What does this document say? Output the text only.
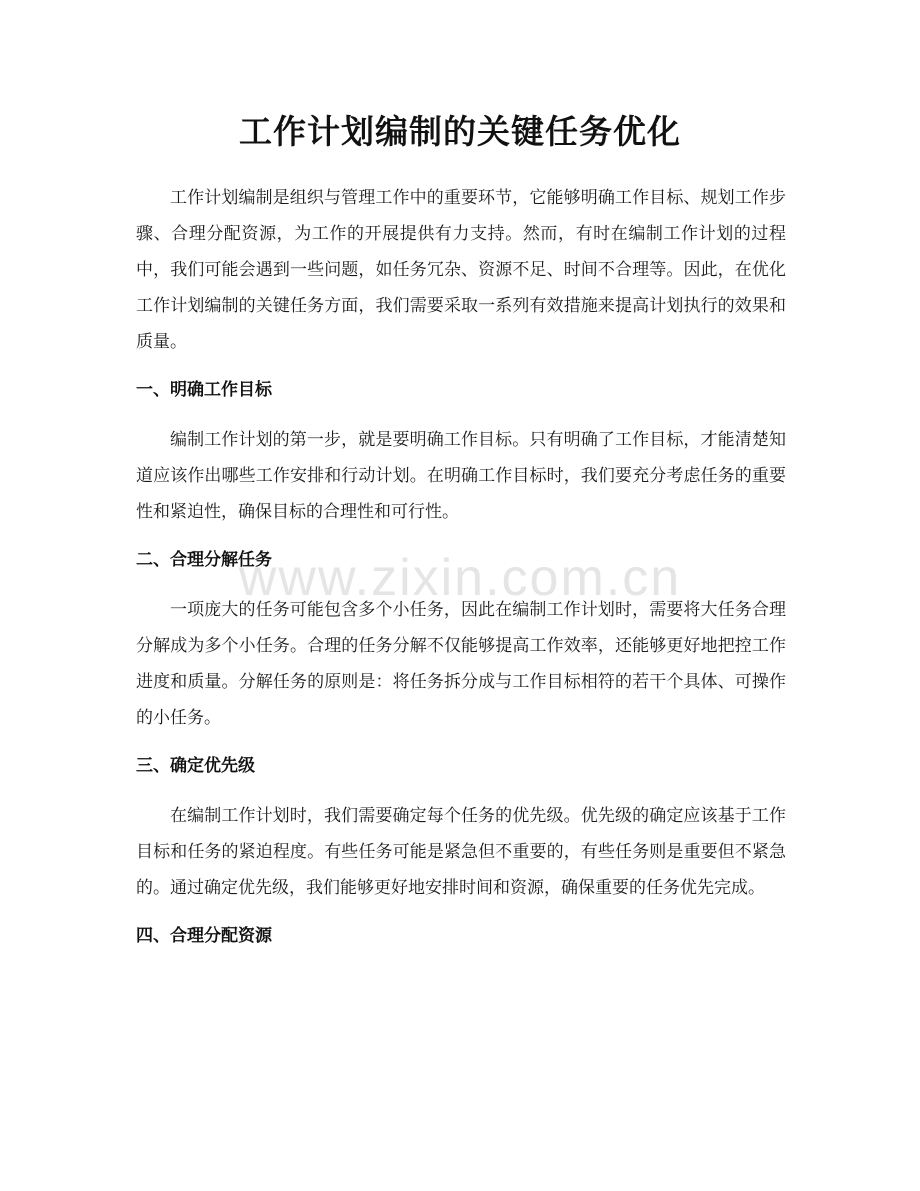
工作计划编制的关键任务优化

工作计划编制是组织与管理工作中的重要环节，它能够明确工作目标、规划工作步骤、合理分配资源，为工作的开展提供有力支持。然而，有时在编制工作计划的过程中，我们可能会遇到一些问题，如任务冗杂、资源不足、时间不合理等。因此，在优化工作计划编制的关键任务方面，我们需要采取一系列有效措施来提高计划执行的效果和质量。

一、明确工作目标

编制工作计划的第一步，就是要明确工作目标。只有明确了工作目标，才能清楚知道应该作出哪些工作安排和行动计划。在明确工作目标时，我们要充分考虑任务的重要性和紧迫性，确保目标的合理性和可行性。

二、合理分解任务

一项庞大的任务可能包含多个小任务，因此在编制工作计划时，需要将大任务合理分解成为多个小任务。合理的任务分解不仅能够提高工作效率，还能够更好地把控工作进度和质量。分解任务的原则是：将任务拆分成与工作目标相符的若干个具体、可操作的小任务。

三、确定优先级

在编制工作计划时，我们需要确定每个任务的优先级。优先级的确定应该基于工作目标和任务的紧迫程度。有些任务可能是紧急但不重要的，有些任务则是重要但不紧急的。通过确定优先级，我们能够更好地安排时间和资源，确保重要的任务优先完成。

四、合理分配资源
www.zixin.com.cn
